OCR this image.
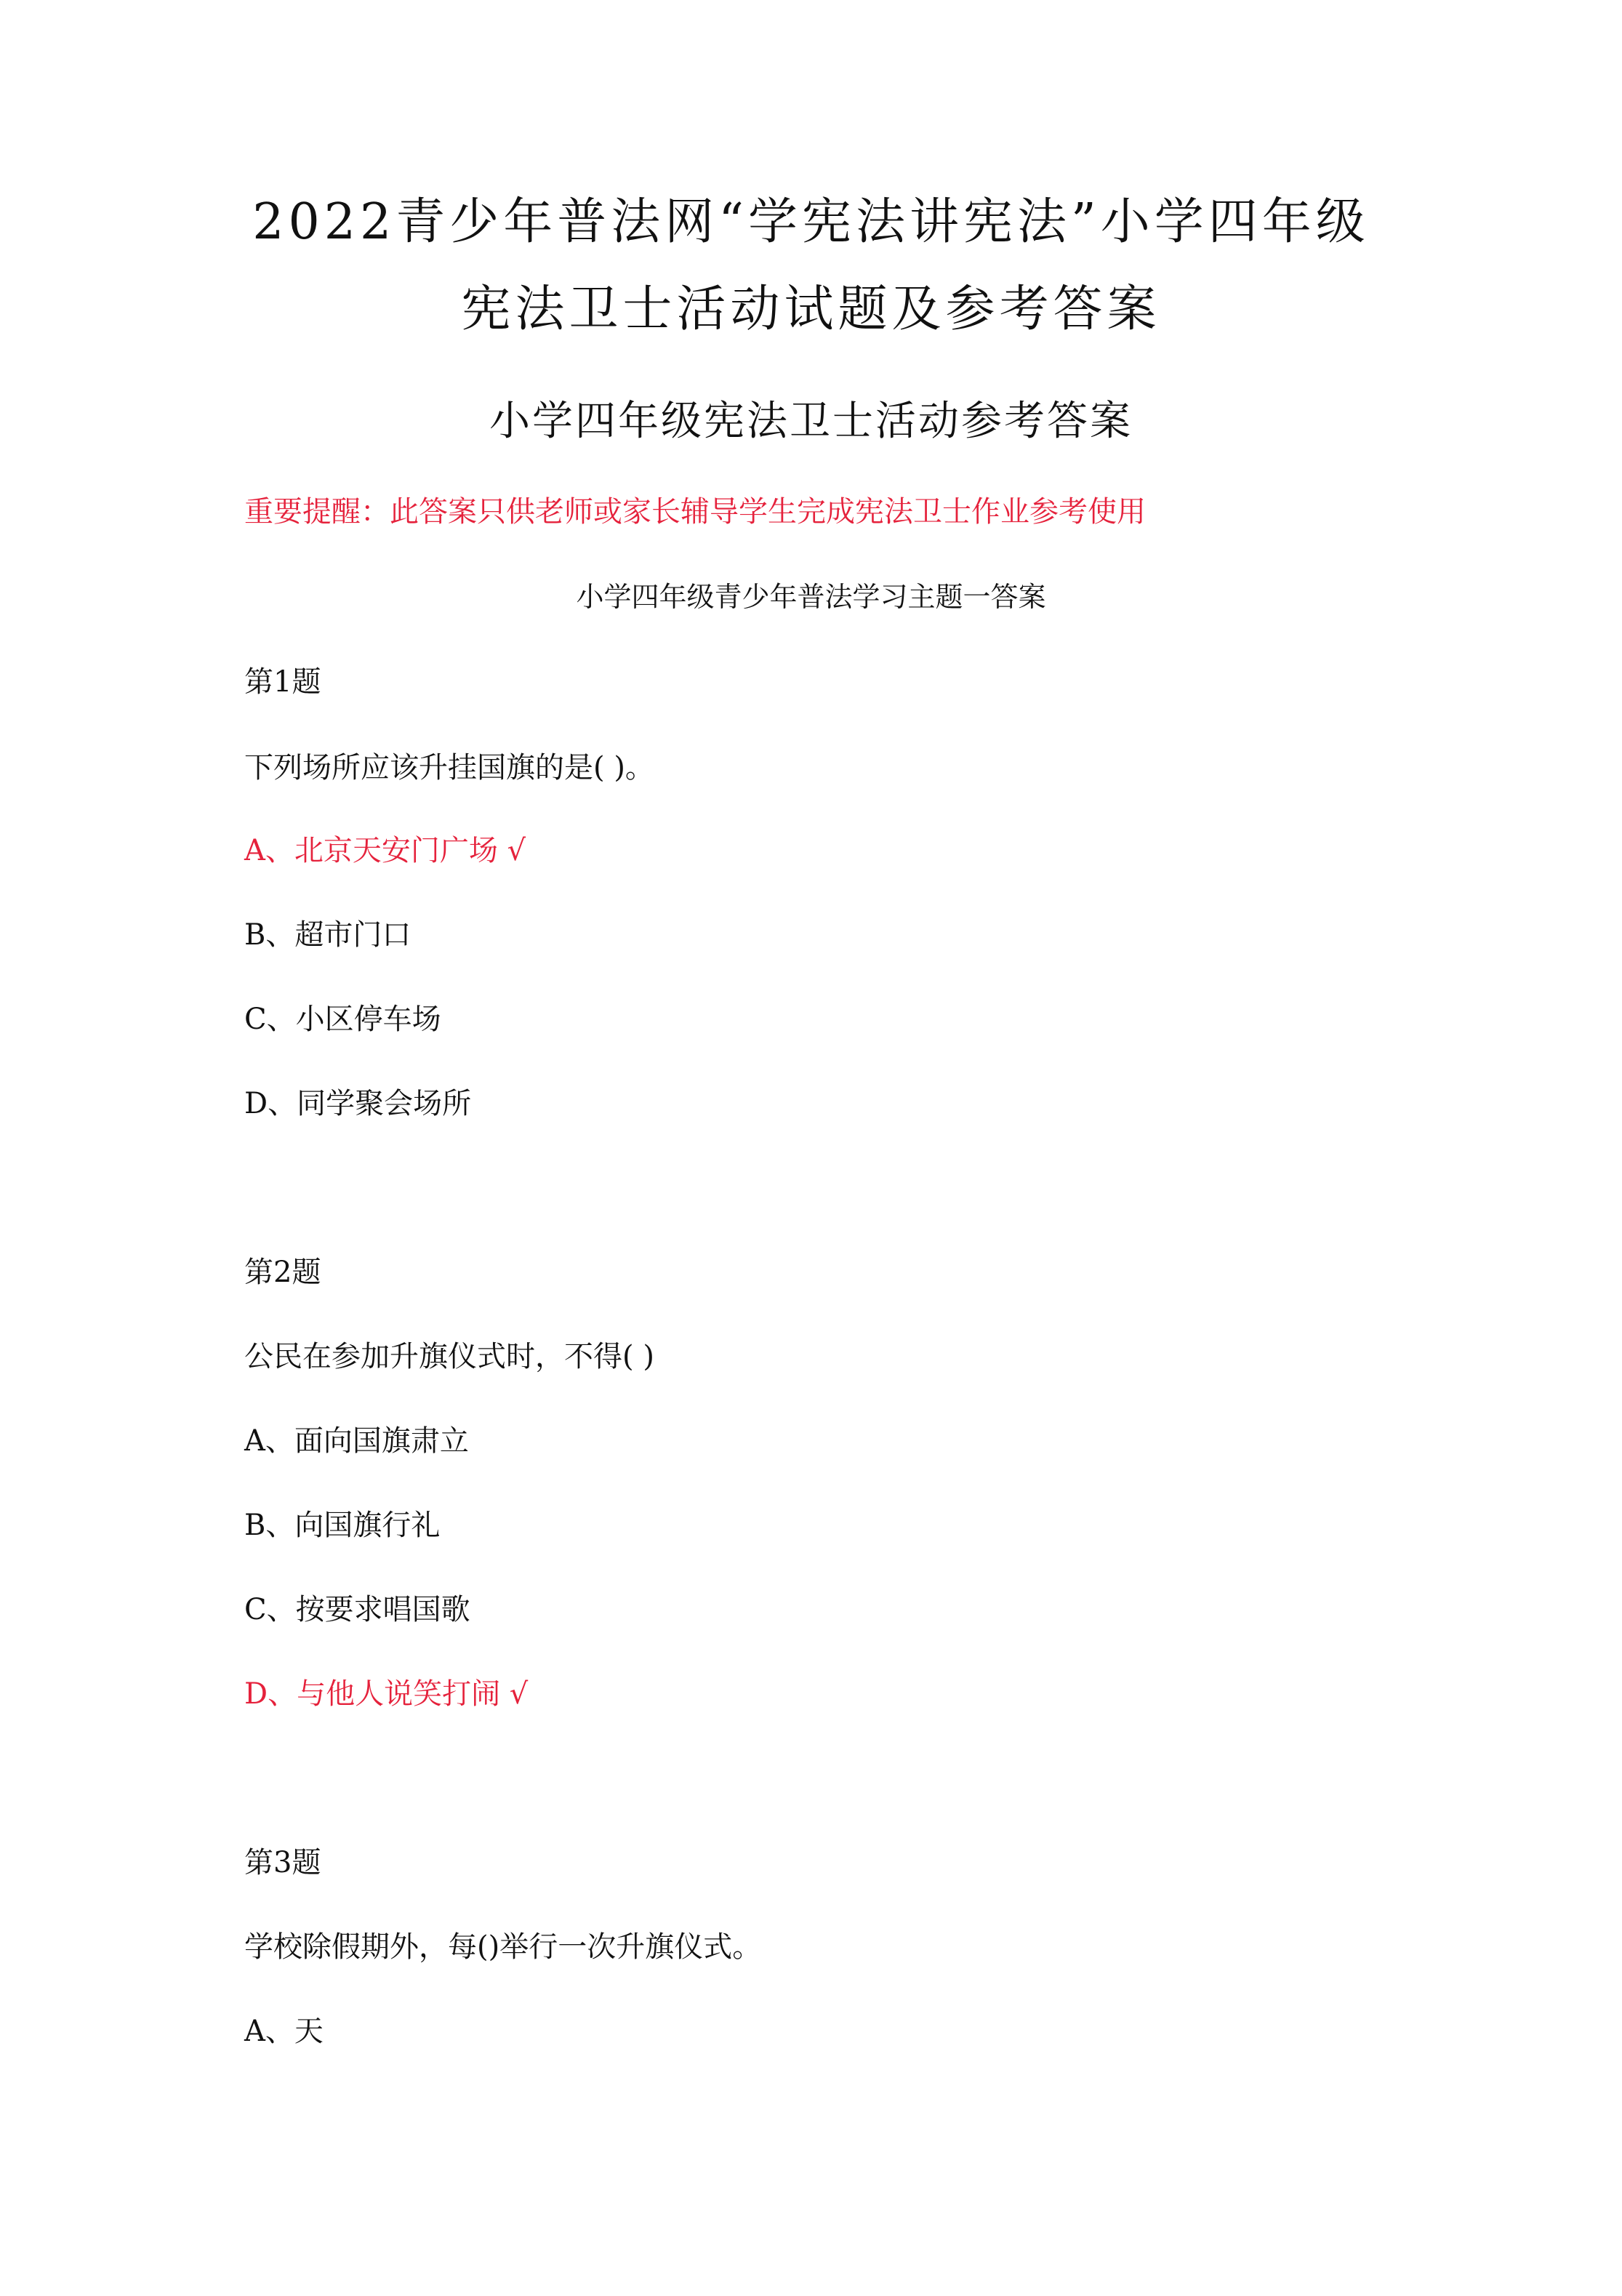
2022青少年普法网“学宪法讲宪法”小学四年级
宪法卫士活动试题及参考答案
小学四年级宪法卫士活动参考答案
重要提醒：此答案只供老师或家长辅导学生完成宪法卫士作业参考使用
小学四年级青少年普法学习主题一答案
第1题
下列场所应该升挂国旗的是( )。
A、北京天安门广场 √
B、超市门口
C、小区停车场
D、同学聚会场所
第2题
公民在参加升旗仪式时，不得( )
A、面向国旗肃立
B、向国旗行礼
C、按要求唱国歌
D、与他人说笑打闹 √
第3题
学校除假期外，每()举行一次升旗仪式。
A、天
